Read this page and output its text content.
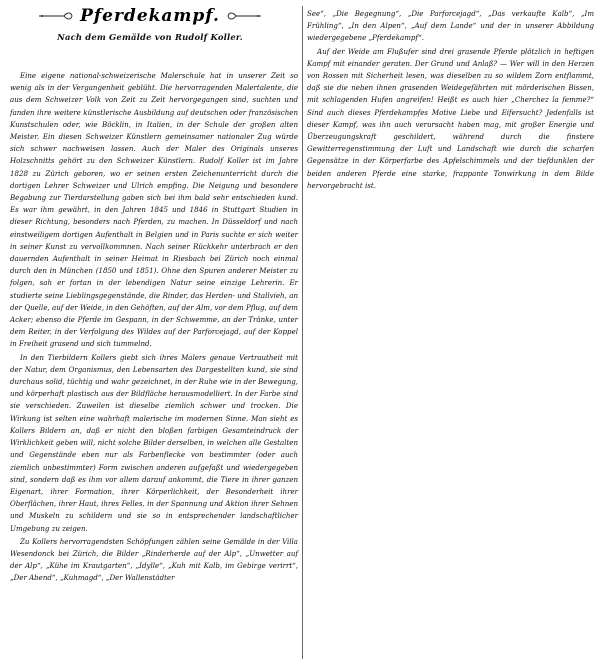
Pferdekampf.
Nach dem Gemälde von Rudolf Koller.

Eine eigene national-schweizerische Malerschule hat in unserer Zeit so wenig als in der Vergangenheit geblüht. Die hervorragenden Malertalente, die aus dem Schweizer Volk von Zeit zu Zeit hervorgegangen sind, suchten und fanden ihre weitere künstlerische Ausbildung auf deutschen oder französischen Kunstschulen oder, wie Böcklin, in Italien, in der Schule der großen alten Meister. Ein diesen Schweizer Künstlern gemeinsamer nationaler Zug würde sich schwer nachweisen lassen. Auch der Maler des Originals unseres Holzschnitts gehört zu den Schweizer Künstlern. Rudolf Koller ist im Jahre 1828 zu Zürich geboren, wo er seinen ersten Zeichenunterricht durch die dortigen Lehrer Schweizer und Ulrich empfing. Die Neigung und besondere Begabung zur Tierdarstellung gaben sich bei ihm bald sehr entschieden kund. Es war ihm gewährt, in den Jahren 1845 und 1846 in Stuttgart Studien in dieser Richtung, besonders nach Pferden, zu machen. In Düsseldorf und nach einstweiligem dortigen Aufenthalt in Belgien und in Paris suchte er sich weiter in seiner Kunst zu vervollkommnen. Nach seiner Rückkehr unterbrach er den dauernden Aufenthalt in seiner Heimat in Riesbach bei Zürich noch einmal durch den in München (1850 und 1851). Ohne den Spuren anderer Meister zu folgen, sah er fortan in der lebendigen Natur seine einzige Lehrerin. Er studierte seine Lieblingsgegenstände, die Rinder, das Herden- und Stallvieh, an der Quelle, auf der Weide, in den Gehöften, auf der Alm, vor dem Pflug, auf dem Acker; ebenso die Pferde im Gespann, in der Schwemme, an der Tränke, unter dem Reiter, in der Verfolgung des Wildes auf der Parforcejagd, auf der Koppel in Freiheit grasend und sich tummelnd.

In den Tierbildern Kollers giebt sich ihres Malers genaue Vertrautheit mit der Natur, dem Organismus, den Lebensarten des Dargestellten kund, sie sind durchaus solid, tüchtig und wahr gezeichnet, in der Ruhe wie in der Bewegung, und körperhaft plastisch aus der Bildfläche herausmodelliert. In der Farbe sind sie verschieden. Zuweilen ist dieselbe ziemlich schwer und trocken. Die Wirkung ist selten eine wahrhaft malerische im modernen Sinne. Man sieht es Kollers Bildern an, daß er nicht den bloßen farbigen Gesamteindruck der Wirklichkeit geben will, nicht solche Bilder derselben, in welchen alle Gestalten und Gegenstände eben nur als Farbenflecke von bestimmter (oder auch ziemlich unbestimmter) Form zwischen anderen aufgefaßt und wiedergegeben sind, sondern daß es ihm vor allem darauf ankommt, die Tiere in ihrer ganzen Eigenart, ihrer Formation, ihrer Körperlichkeit, der Besonderheit ihrer Oberflächen, ihrer Haut, ihres Felles, in der Spannung und Aktion ihrer Sehnen und Muskeln zu schildern und sie so in entsprechender landschaftlicher Umgebung zu zeigen.

Zu Kollers hervorragendsten Schöpfungen zählen seine Gemälde in der Villa Wesendonck bei Zürich, die Bilder „Rinderherde auf der Alp“, „Unwetter auf der Alp“, „Kühe im Krautgarten“, „Idylle“, „Kuh mit Kalb, im Gebirge verirrt“, „Der Abend“, „Kuhmagd“, „Der Wallenstädter

See“, „Die Begegnung“, „Die Parforcejagd“, „Das verkaufte Kalb“, „Im Frühling“, „In den Alpen“, „Auf dem Lande“ und der in unserer Abbildung wiedergegebene „Pferdekampf“.

Auf der Weide am Flußufer sind drei grasende Pferde plötzlich in heftigen Kampf mit einander geraten. Der Grund und Anlaß? — Wer will in den Herzen von Rossen mit Sicherheit lesen, was dieselben zu so wildem Zorn entflammt, daß sie die neben ihnen grasenden Weidegefährten mit mörderischen Bissen, mit schlagenden Hufen angreifen! Heißt es auch hier „Cherchez la femme?“ Sind auch dieses Pferdekampfes Motive Liebe und Eifersucht? Jedenfalls ist dieser Kampf, was ihn auch verursacht haben mag, mit großer Energie und Überzeugungskraft geschildert, während durch die finstere Gewitterregenstimmung der Luft und Landschaft wie durch die scharfen Gegensätze in der Körperfarbe des Apfelschimmels und der tiefdunklen der beiden anderen Pferde eine starke, frappante Tonwirkung in dem Bilde hervorgebracht ist.
